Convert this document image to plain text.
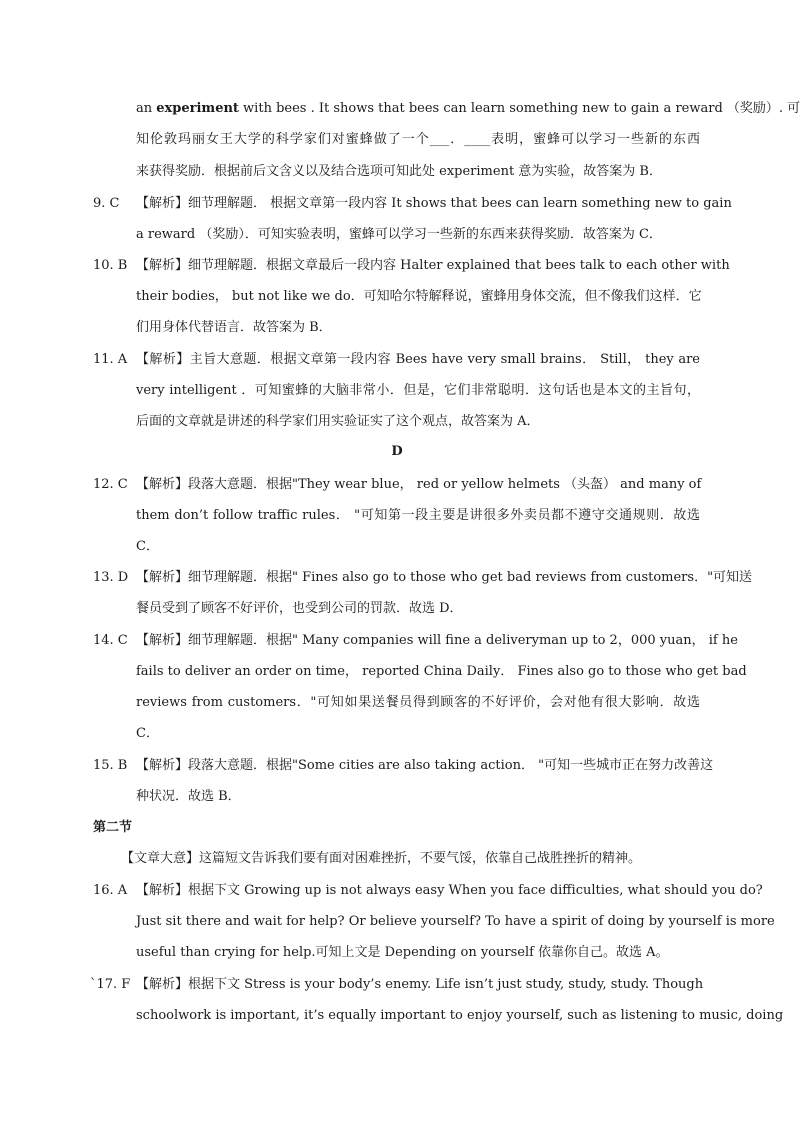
an experiment with bees . It shows that bees can learn something new to gain a reward （奖励）. 可
知伦敦玛丽女王大学的科学家们对蜜蜂做了一个___．____表明，蜜蜂可以学习一些新的东西
来获得奖励．根据前后文含义以及结合选项可知此处 experiment 意为实验，故答案为 B．
9. C 【解析】细节理解题． 根据文章第一段内容 It shows that bees can learn something new to gain
a reward （奖励）．可知实验表明，蜜蜂可以学习一些新的东西来获得奖励．故答案为 C．
10. B 【解析】细节理解题．根据文章最后一段内容 Halter explained that bees talk to each other with
their bodies， but not like we do．可知哈尔特解释说，蜜蜂用身体交流，但不像我们这样．它
们用身体代替语言．故答案为 B．
11. A 【解析】主旨大意题．根据文章第一段内容 Bees have very small brains． Still， they are
very intelligent ．可知蜜蜂的大脑非常小．但是，它们非常聪明．这句话也是本文的主旨句，
后面的文章就是讲述的科学家们用实验证实了这个观点，故答案为 A．
D
12. C 【解析】段落大意题．根据"They wear blue， red or yellow helmets （头盔） and many of
them don’t follow traffic rules． "可知第一段主要是讲很多外卖员都不遵守交通规则．故选
C．
13. D 【解析】细节理解题．根据" Fines also go to those who get bad reviews from customers．"可知送
餐员受到了顾客不好评价，也受到公司的罚款．故选 D．
14. C 【解析】细节理解题．根据" Many companies will fine a deliveryman up to 2，000 yuan， if he
fails to deliver an order on time， reported China Daily． Fines also go to those who get bad
reviews from customers．"可知如果送餐员得到顾客的不好评价，会对他有很大影响．故选
C．
15. B 【解析】段落大意题．根据"Some cities are also taking action． "可知一些城市正在努力改善这
种状况．故选 B．
第二节
【文章大意】这篇短文告诉我们要有面对困难挫折，不要气馁，依靠自己战胜挫折的精神。
16. A 【解析】根据下文 Growing up is not always easy When you face difficulties, what should you do?
Just sit there and wait for help? Or believe yourself? To have a spirit of doing by yourself is more
useful than crying for help.可知上文是 Depending on yourself 依靠你自己。故选 A。
`17. F 【解析】根据下文 Stress is your body’s enemy. Life isn’t just study, study, study. Though
schoolwork is important, it’s equally important to enjoy yourself, such as listening to music, doing
